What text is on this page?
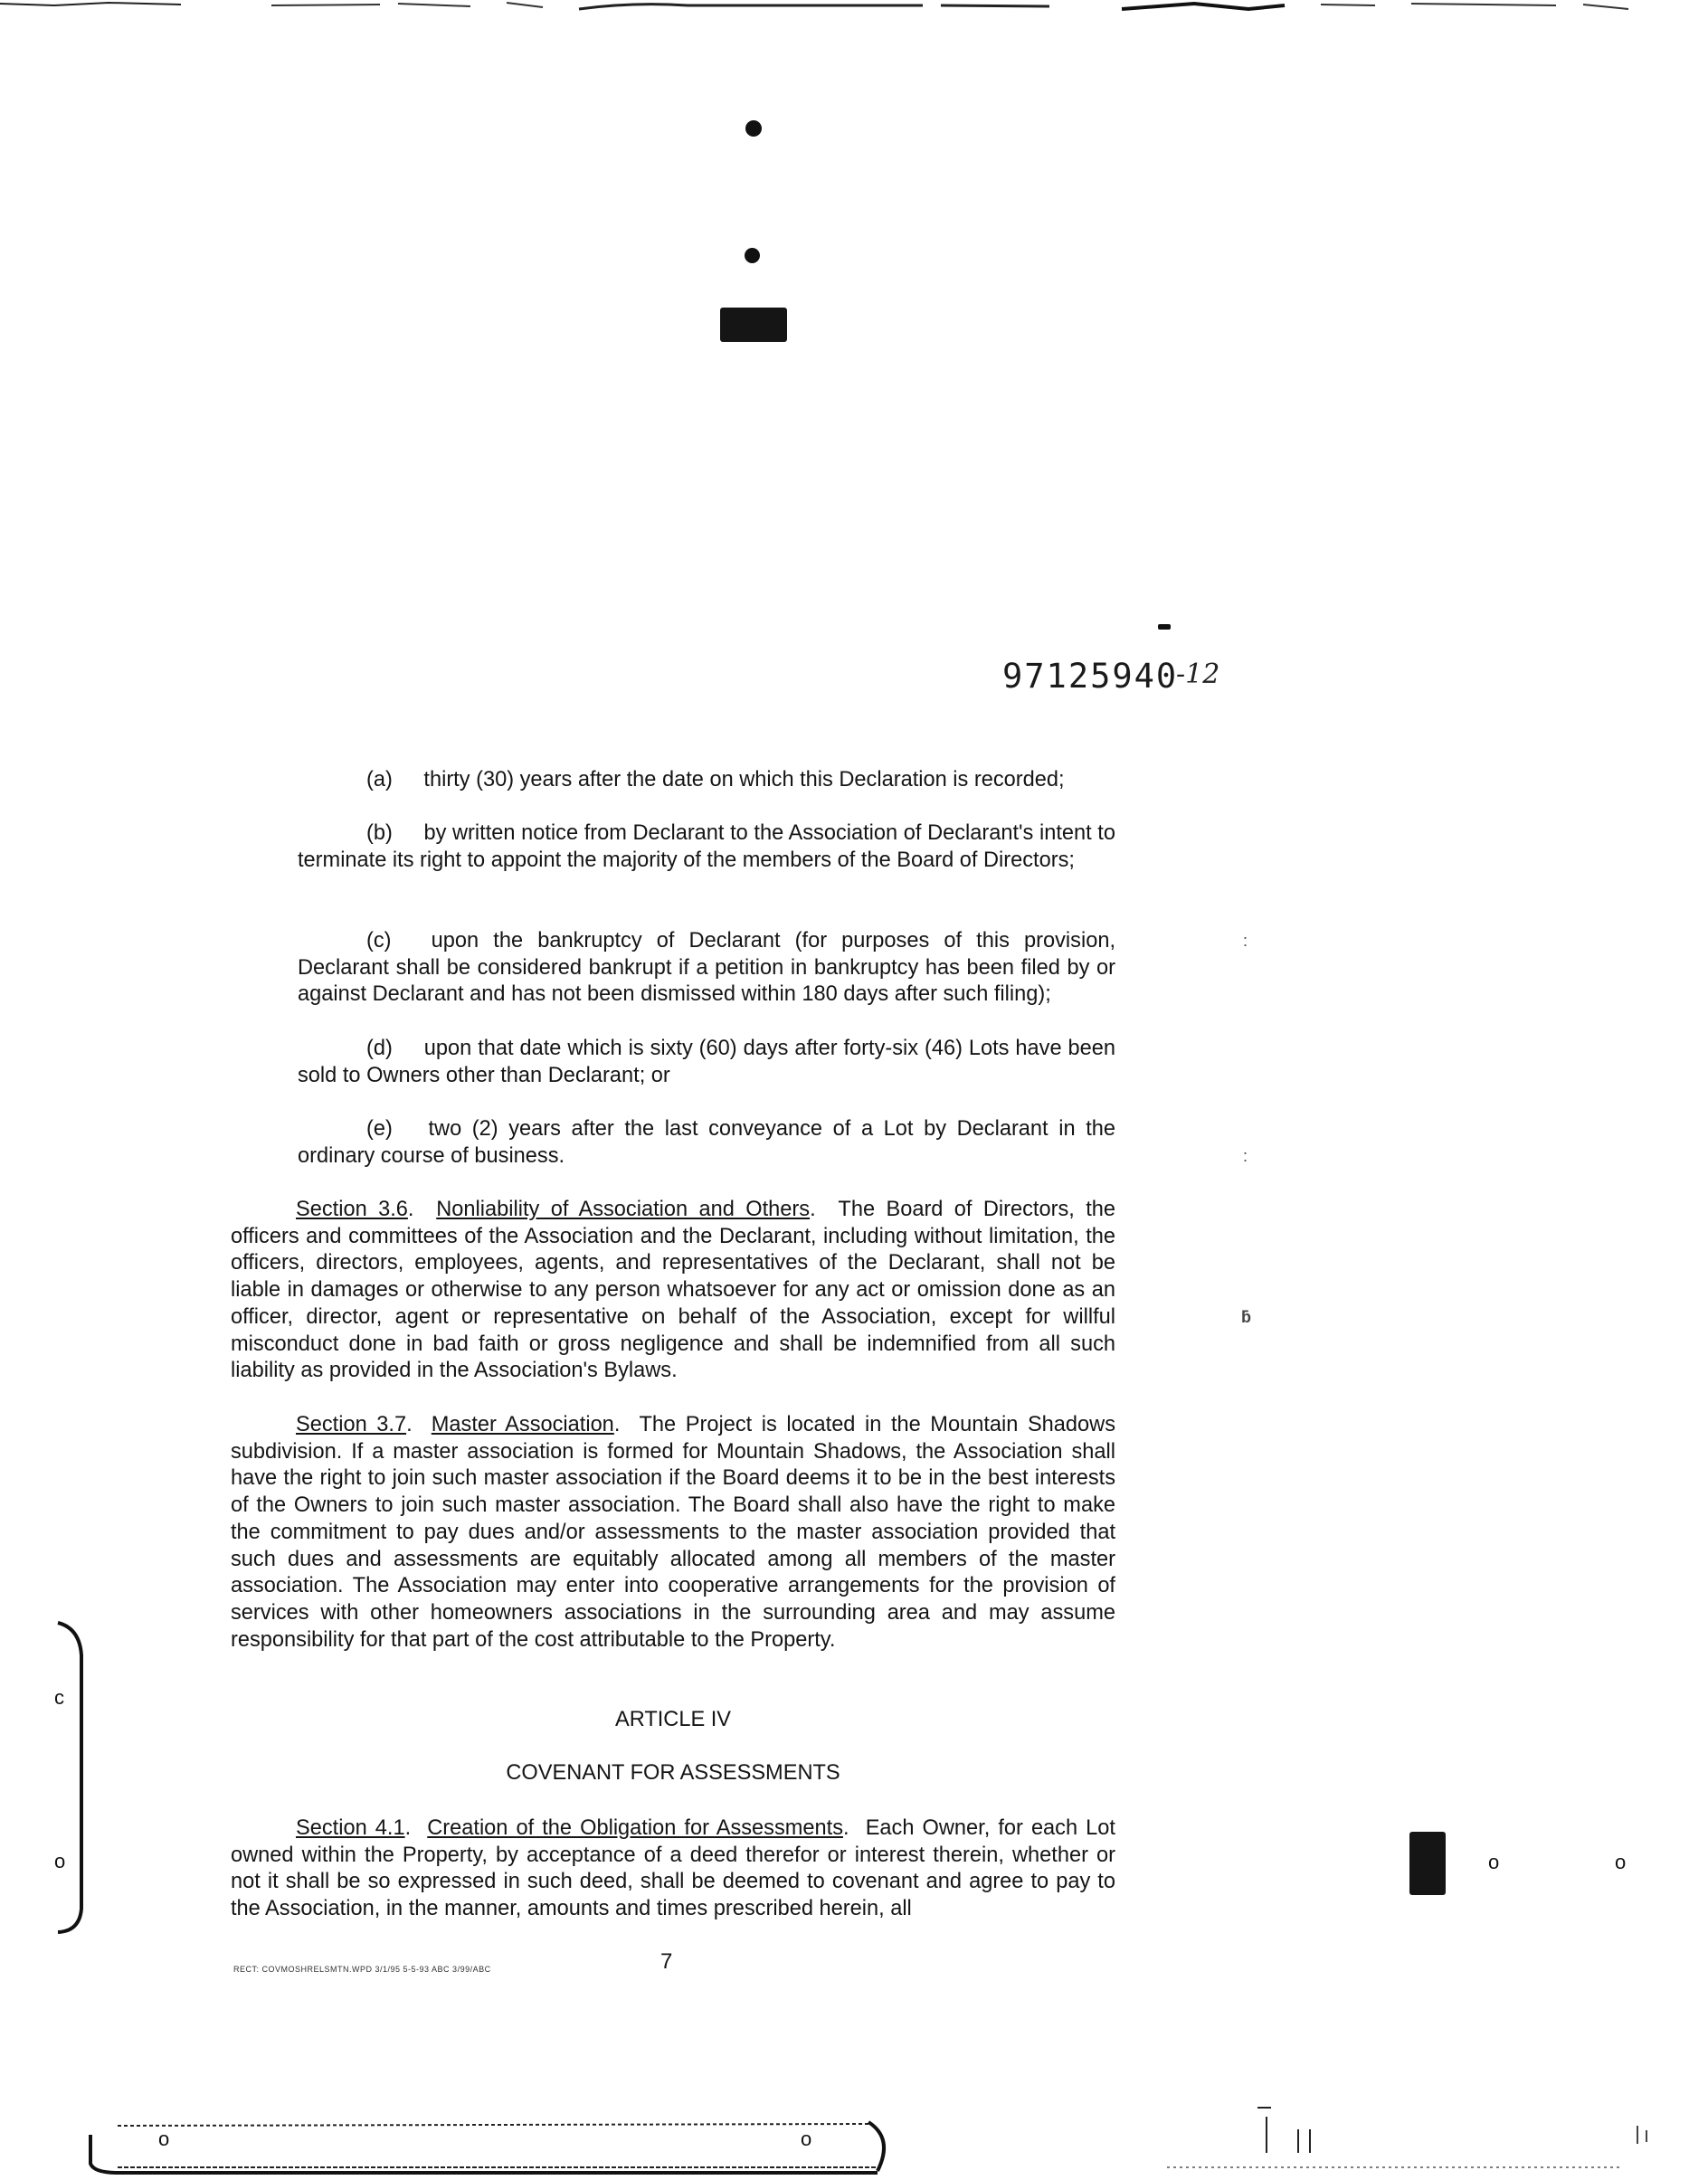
97125940
-12
(a) thirty (30) years after the date on which this Declaration is recorded;
(b) by written notice from Declarant to the Association of Declarant's intent to terminate its right to appoint the majority of the members of the Board of Directors;
(c) upon the bankruptcy of Declarant (for purposes of this provision, Declarant shall be considered bankrupt if a petition in bankruptcy has been filed by or against Declarant and has not been dismissed within 180 days after such filing);
(d) upon that date which is sixty (60) days after forty-six (46) Lots have been sold to Owners other than Declarant; or
(e) two (2) years after the last conveyance of a Lot by Declarant in the ordinary course of business.
Section 3.6.  Nonliability of Association and Others.  The Board of Directors, the officers and committees of the Association and the Declarant, including without limitation, the officers, directors, employees, agents, and representatives of the Declarant, shall not be liable in damages or otherwise to any person whatsoever for any act or omission done as an officer, director, agent or representative on behalf of the Association, except for willful misconduct done in bad faith or gross negligence and shall be indemnified from all such liability as provided in the Association's Bylaws.
Section 3.7.  Master Association.  The Project is located in the Mountain Shadows subdivision. If a master association is formed for Mountain Shadows, the Association shall have the right to join such master association if the Board deems it to be in the best interests of the Owners to join such master association. The Board shall also have the right to make the commitment to pay dues and/or assessments to the master association provided that such dues and assessments are equitably allocated among all members of the master association. The Association may enter into cooperative arrangements for the provision of services with other homeowners associations in the surrounding area and may assume responsibility for that part of the cost attributable to the Property.
ARTICLE IV
COVENANT FOR ASSESSMENTS
Section 4.1.  Creation of the Obligation for Assessments.  Each Owner, for each Lot owned within the Property, by acceptance of a deed therefor or interest therein, whether or not it shall be so expressed in such deed, shall be deemed to covenant and agree to pay to the Association, in the manner, amounts and times prescribed herein, all
RECT: COVMOSHRELSMTN.WPD 3/1/95 5-5-93 ABC 3/99/ABC	7
c
o	o	o
ƃ
:
:
o	o
